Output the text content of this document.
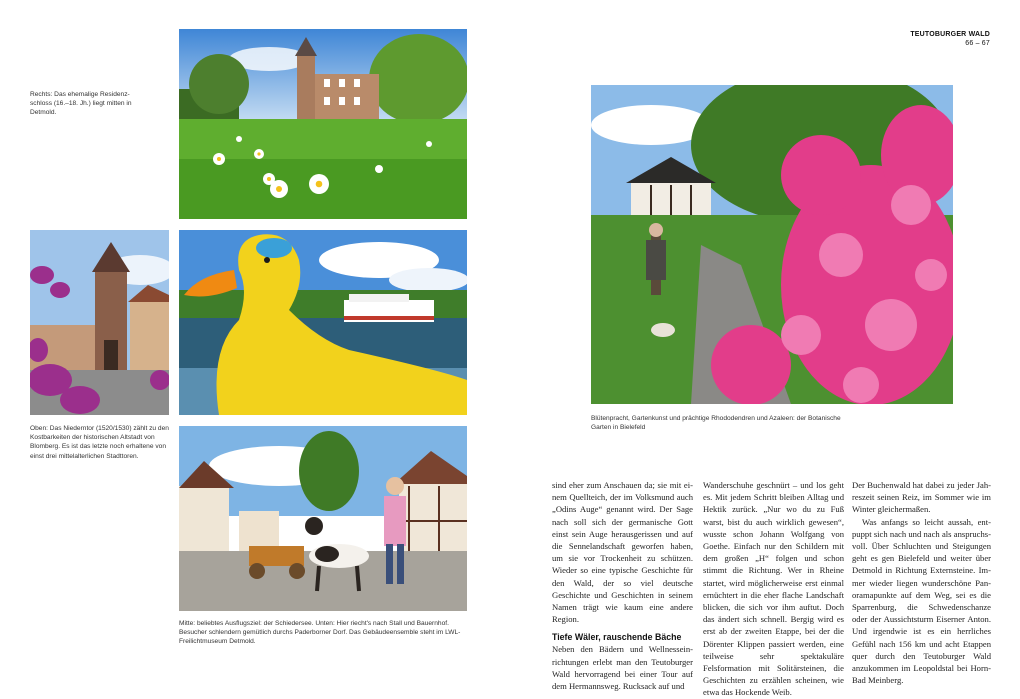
TEUTOBURGER WALD
66 – 67
Rechts: Das ehemalige Residenzschloss (16.–18. Jh.) liegt mitten in Detmold.
Oben: Das Niederntor (1520/1530) zählt zu den Kostbarkeiten der historischen Altstadt von Blomberg. Es ist das letzte noch erhaltene von einst drei mittelalterlichen Stadttoren.
Mitte: beliebtes Ausflugsziel: der Schiedersee. Unten: Hier riecht's nach Stall und Bauernhof. Besucher schlendern gemütlich durchs Paderborner Dorf. Das Gebäudeensemble steht im LWL-Freilichtmuseum Detmold.
Blütenpracht, Gartenkunst und prächtige Rhododendren und Azaleen: der Botanische Garten in Bielefeld

sind eher zum Anschauen da; sie mit einem Quellteich, der im Volksmund auch „Odins Auge“ genannt wird. Der Sage nach soll sich der germanische Gott einst sein Auge herausgerissen und auf die Sennelandschaft geworfen haben, um sie vor Trockenheit zu schützen. Wieder so eine typische Geschichte für den Wald, der so viel deutsche Geschichte und Geschichten in seinem Namen trägt wie kaum eine andere Region.

Tiefe Wäler, rauschende Bäche

Neben den Bädern und Wellnesseinrichtungen erlebt man den Teutoburger Wald hervorragend bei einer Tour auf dem Hermannsweg. Rucksack auf und

Wanderschuhe geschnürt – und los geht es. Mit jedem Schritt bleiben Alltag und Hektik zurück. „Nur wo du zu Fuß warst, bist du auch wirklich gewesen“, wusste schon Johann Wolfgang von Goethe. Einfach nur den Schildern mit dem großen „H“ folgen und schon stimmt die Richtung. Wer in Rheine startet, wird möglicherweise erst einmal ernüchtert in die eher flache Landschaft blicken, die sich vor ihm auftut. Doch das ändert sich schnell. Bergig wird es erst ab der zweiten Etappe, bei der die Dörenter Klippen passiert werden, eine teilweise sehr spektakuläre Felsformation mit Solitärsteinen, die Geschichten zu erzählen scheinen, wie etwa das Hockende Weib.

Der Buchenwald hat dabei zu jeder Jahreszeit seinen Reiz, im Sommer wie im Winter gleichermaßen.

Was anfangs so leicht aussah, entpuppt sich nach und nach als anspruchsvoll. Über Schluchten und Steigungen geht es gen Bielefeld und weiter über Detmold in Richtung Externsteine. Immer wieder liegen wunderschöne Panoramapunkte auf dem Weg, sei es die Sparrenburg, die Schwedenschanze oder der Aussichtsturm Eiserner Anton. Und irgendwie ist es ein herrliches Gefühl nach 156 km und acht Etappen quer durch den Teutoburger Wald anzukommen im Leopoldstal bei Horn-Bad Meinberg.
